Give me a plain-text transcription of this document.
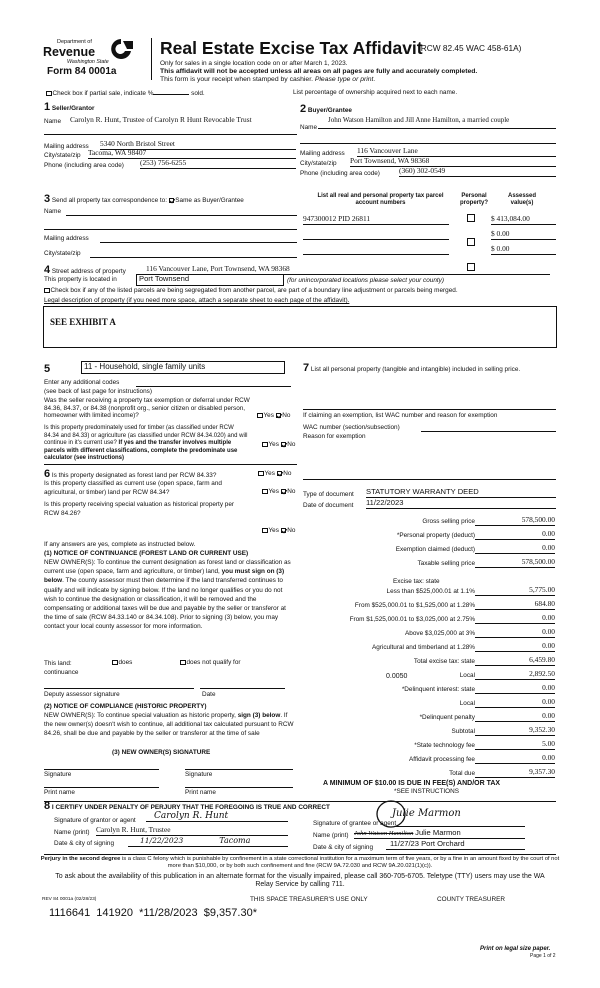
Department of
Revenue
Washington State
Form 84 0001a
Real Estate Excise Tax Affidavit
(RCW 82.45 WAC 458-61A)
Only for sales in a single location code on or after March 1, 2023.
This affidavit will not be accepted unless all areas on all pages are fully and accurately completed.
This form is your receipt when stamped by cashier. Please type or print.
Check box if partial sale, indicate %	sold.	List percentage of ownership acquired next to each name.
1 Seller/Grantor
Name Carolyn R. Hunt, Trustee of Carolyn R Hunt Revocable Trust
Mailing address 5340 North Bristol Street
City/state/zip Tacoma, WA 98407
Phone (including area code) (253) 756-6255
2 Buyer/Grantee
Name
John Watson Hamilton and Jill Anne Hamilton, a married couple
Mailing address 116 Vancouver Lane
City/state/zip Port Townsend, WA 98368
Phone (including area code)	(360) 302-0549
3 Send all property tax correspondence to: Same as Buyer/Grantee
Name
Mailing address
City/state/zip
List all real and personal property tax parcel account numbers
Personal property?
Assessed value(s)
947300012 PID 26811	$ 413,084.00
$ 0.00
$ 0.00
4 Street address of property	116 Vancouver Lane, Port Townsend, WA 98368
This property is located in	Port Townsend	(for unincorporated locations please select your county)
Check box if any of the listed parcels are being segregated from another parcel, are part of a boundary line adjustment or parcels being merged.
Legal description of property (if you need more space, attach a separate sheet to each page of the affidavit).
SEE EXHIBIT A
5	11 - Household, single family units
Enter any additional codes
(see back of last page for instructions)
Was the seller receiving a property tax exemption or deferral under RCW 84.36, 84.37, or 84.38 (nonprofit org., senior citizen or disabled person, homeowner with limited income)?	Yes No
Is this property predominately used for timber (as classified under RCW 84.34 and 84.33) or agriculture (as classified under RCW 84.34.020) and will continue in it's current use? If yes and the transfer involves multiple parcels with different classifications, complete the predominate use calculator (see instructions)
Yes No
6 Is this property designated as forest land per RCW 84.33?	Yes No
Is this property classified as current use (open space, farm and agricultural, or timber) land per RCW 84.34?	Yes No
Is this property receiving special valuation as historical property per RCW 84.26?
Yes No
If any answers are yes, complete as instructed below.
(1) NOTICE OF CONTINUANCE (FOREST LAND OR CURRENT USE)
NEW OWNER(S): To continue the current designation as forest land or classification as current use (open space, farm and agriculture, or timber) land, you must sign on (3) below. The county assessor must then determine if the land transferred continues to qualify and will indicate by signing below. If the land no longer qualifies or you do not wish to continue the designation or classification, it will be removed and the compensating or additional taxes will be due and payable by the seller or transferor at the time of sale (RCW 84.33.140 or 84.34.108). Prior to signing (3) below, you may contact your local county assessor for more information.
This land:	does	does not qualify for
continuance
Deputy assessor signature	Date
(2) NOTICE OF COMPLIANCE (HISTORIC PROPERTY)
NEW OWNER(S): To continue special valuation as historic property, sign (3) below. If the new owner(s) doesn't wish to continue, all additional tax calculated pursuant to RCW 84.26, shall be due and payable by the seller or transferor at the time of sale
(3) NEW OWNER(S) SIGNATURE
Signature	Signature
Print name	Print name
7 List all personal property (tangible and intangible) included in selling price.
If claiming an exemption, list WAC number and reason for exemption
WAC number (section/subsection)
Reason for exemption
Type of document STATUTORY WARRANTY DEED
Date of document 11/22/2023
Gross selling price	578,500.00
*Personal property (deduct)	0.00
Exemption claimed (deduct)	0.00
Taxable selling price	578,500.00
Less than $525,000.01 at 1.1%	5,775.00
From $525,000.01 to $1,525,000 at 1.28%	684.80
From $1,525,000.01 to $3,025,000 at 2.75%	0.00
Above $3,025,000 at 3%	0.00
Agricultural and timberland at 1.28%	0.00
Total excise tax: state	6,459.80
Local	2,892.50
*Delinquent interest: state	0.00
Local	0.00
*Delinquent penalty	0.00
Subtotal	9,352.30
*State technology fee	5.00
Affidavit processing fee	0.00
Total due	9,357.30
Excise tax: state
0.0050
A MINIMUM OF $10.00 IS DUE IN FEE(S) AND/OR TAX
*SEE INSTRUCTIONS
8 I CERTIFY UNDER PENALTY OF PERJURY THAT THE FOREGOING IS TRUE AND CORRECT
Signature of grantor or agent	Carolyn R. Hunt
Name (print) Carolyn R. Hunt, Trustee
Date & city of signing	11/22/2023	Tacoma
Signature of grantee or agent
Julie Marmon
Name (print) John Watson Hamilton Julie Marmon
Date & city of signing	11/27/23 Port Orchard
Perjury in the second degree is a class C felony which is punishable by confinement in a state correctional institution for a maximum term of five years, or by a fine in an amount fixed by the court of not more than $10,000, or by both such confinement and fine (RCW 9A.72.030 and RCW 9A.20.021(1)(c)).
To ask about the availability of this publication in an alternate format for the visually impaired, please call 360-705-6705. Teletype (TTY) users may use the WA Relay Service by calling 711.
REV 84 0001a (02/28/23)	THIS SPACE TREASURER'S USE ONLY	COUNTY TREASURER
1116641  141920  *11/28/2023  $9,357.30*
Print on legal size paper.
Page 1 of 2
